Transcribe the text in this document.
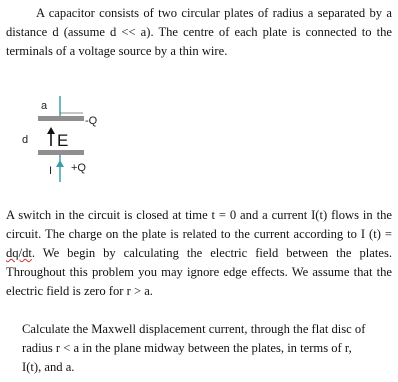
A capacitor consists of two circular plates of radius a separated by a distance d (assume d << a). The centre of each plate is connected to the terminals of a voltage source by a thin wire.

a
-Q
d E
I +Q

A switch in the circuit is closed at time t = 0 and a current I(t) flows in the circuit. The charge on the plate is related to the current according to I (t) = dq/dt. We begin by calculating the electric field between the plates. Throughout this problem you may ignore edge effects. We assume that the electric field is zero for r > a.

Calculate the Maxwell displacement current, through the flat disc of radius r < a in the plane midway between the plates, in terms of r, I(t), and a.
